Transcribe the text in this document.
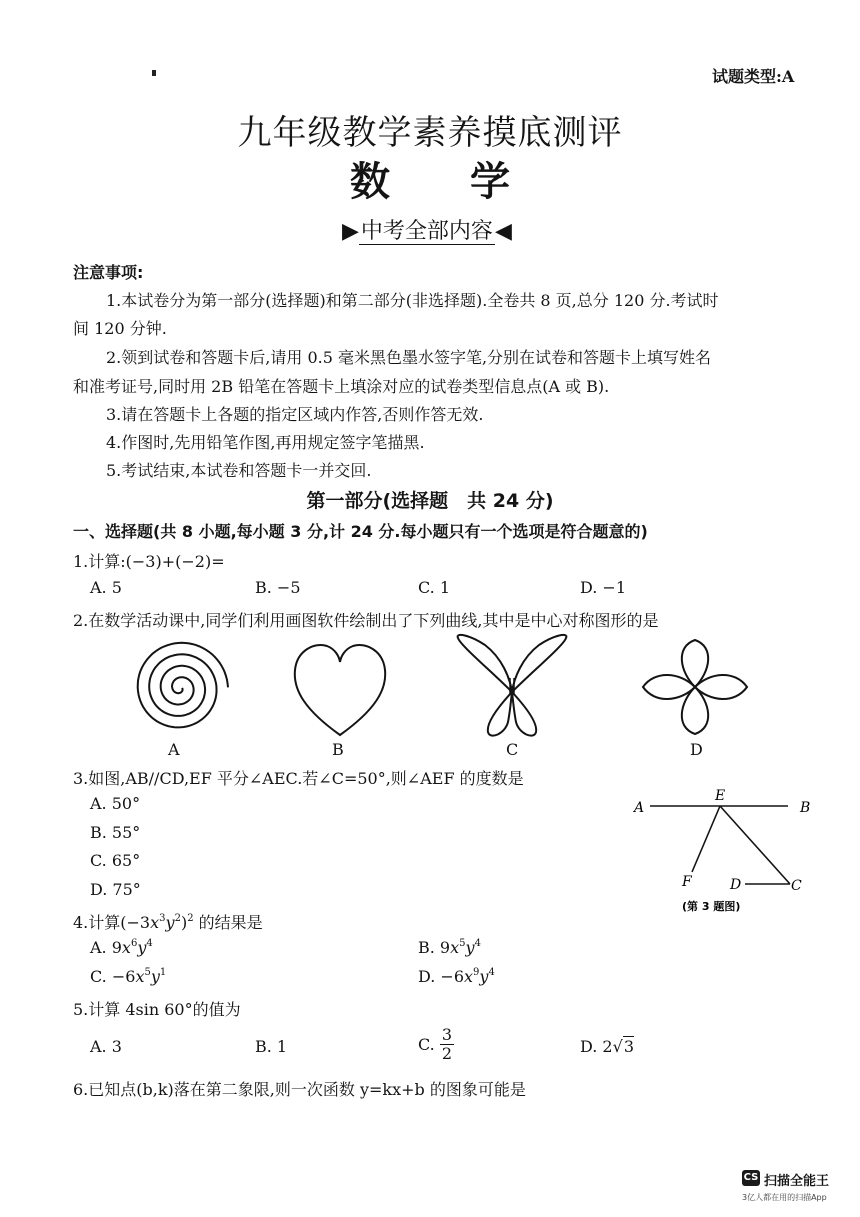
试题类型:A
九年级教学素养摸底测评
数　　学
▶中考全部内容◀
注意事项:
1.本试卷分为第一部分(选择题)和第二部分(非选择题).全卷共 8 页,总分 120 分.考试时
间 120 分钟.
2.领到试卷和答题卡后,请用 0.5 毫米黑色墨水签字笔,分别在试卷和答题卡上填写姓名
和准考证号,同时用 2B 铅笔在答题卡上填涂对应的试卷类型信息点(A 或 B).
3.请在答题卡上各题的指定区域内作答,否则作答无效.
4.作图时,先用铅笔作图,再用规定签字笔描黑.
5.考试结束,本试卷和答题卡一并交回.
第一部分(选择题　共 24 分)
一、选择题(共 8 小题,每小题 3 分,计 24 分.每小题只有一个选项是符合题意的)
1.计算:(−3)+(−2)=
A. 5	B. −5	C. 1	D. −1
2.在数学活动课中,同学们利用画图软件绘制出了下列曲线,其中是中心对称图形的是
A	B	C	D
3.如图,AB//CD,EF 平分∠AEC.若∠C=50°,则∠AEF 的度数是
A. 50°
B. 55°
C. 65°
D. 75°
A
E
B
F	D	C
(第 3 题图)
4.计算$(-3x^3y^2)^2$ 的结果是
A. $9x^6y^4$	B. $9x^5y^4$
C. $-6x^5y^1$	D. $-6x^9y^4$
5.计算 4sin 60°的值为
A. 3	B. 1	C. $\frac{3}{2}$	D. 2√3
6.已知点(b,k)落在第二象限,则一次函数 y=kx+b 的图象可能是
CS 扫描全能王
3亿人都在用的扫描App
